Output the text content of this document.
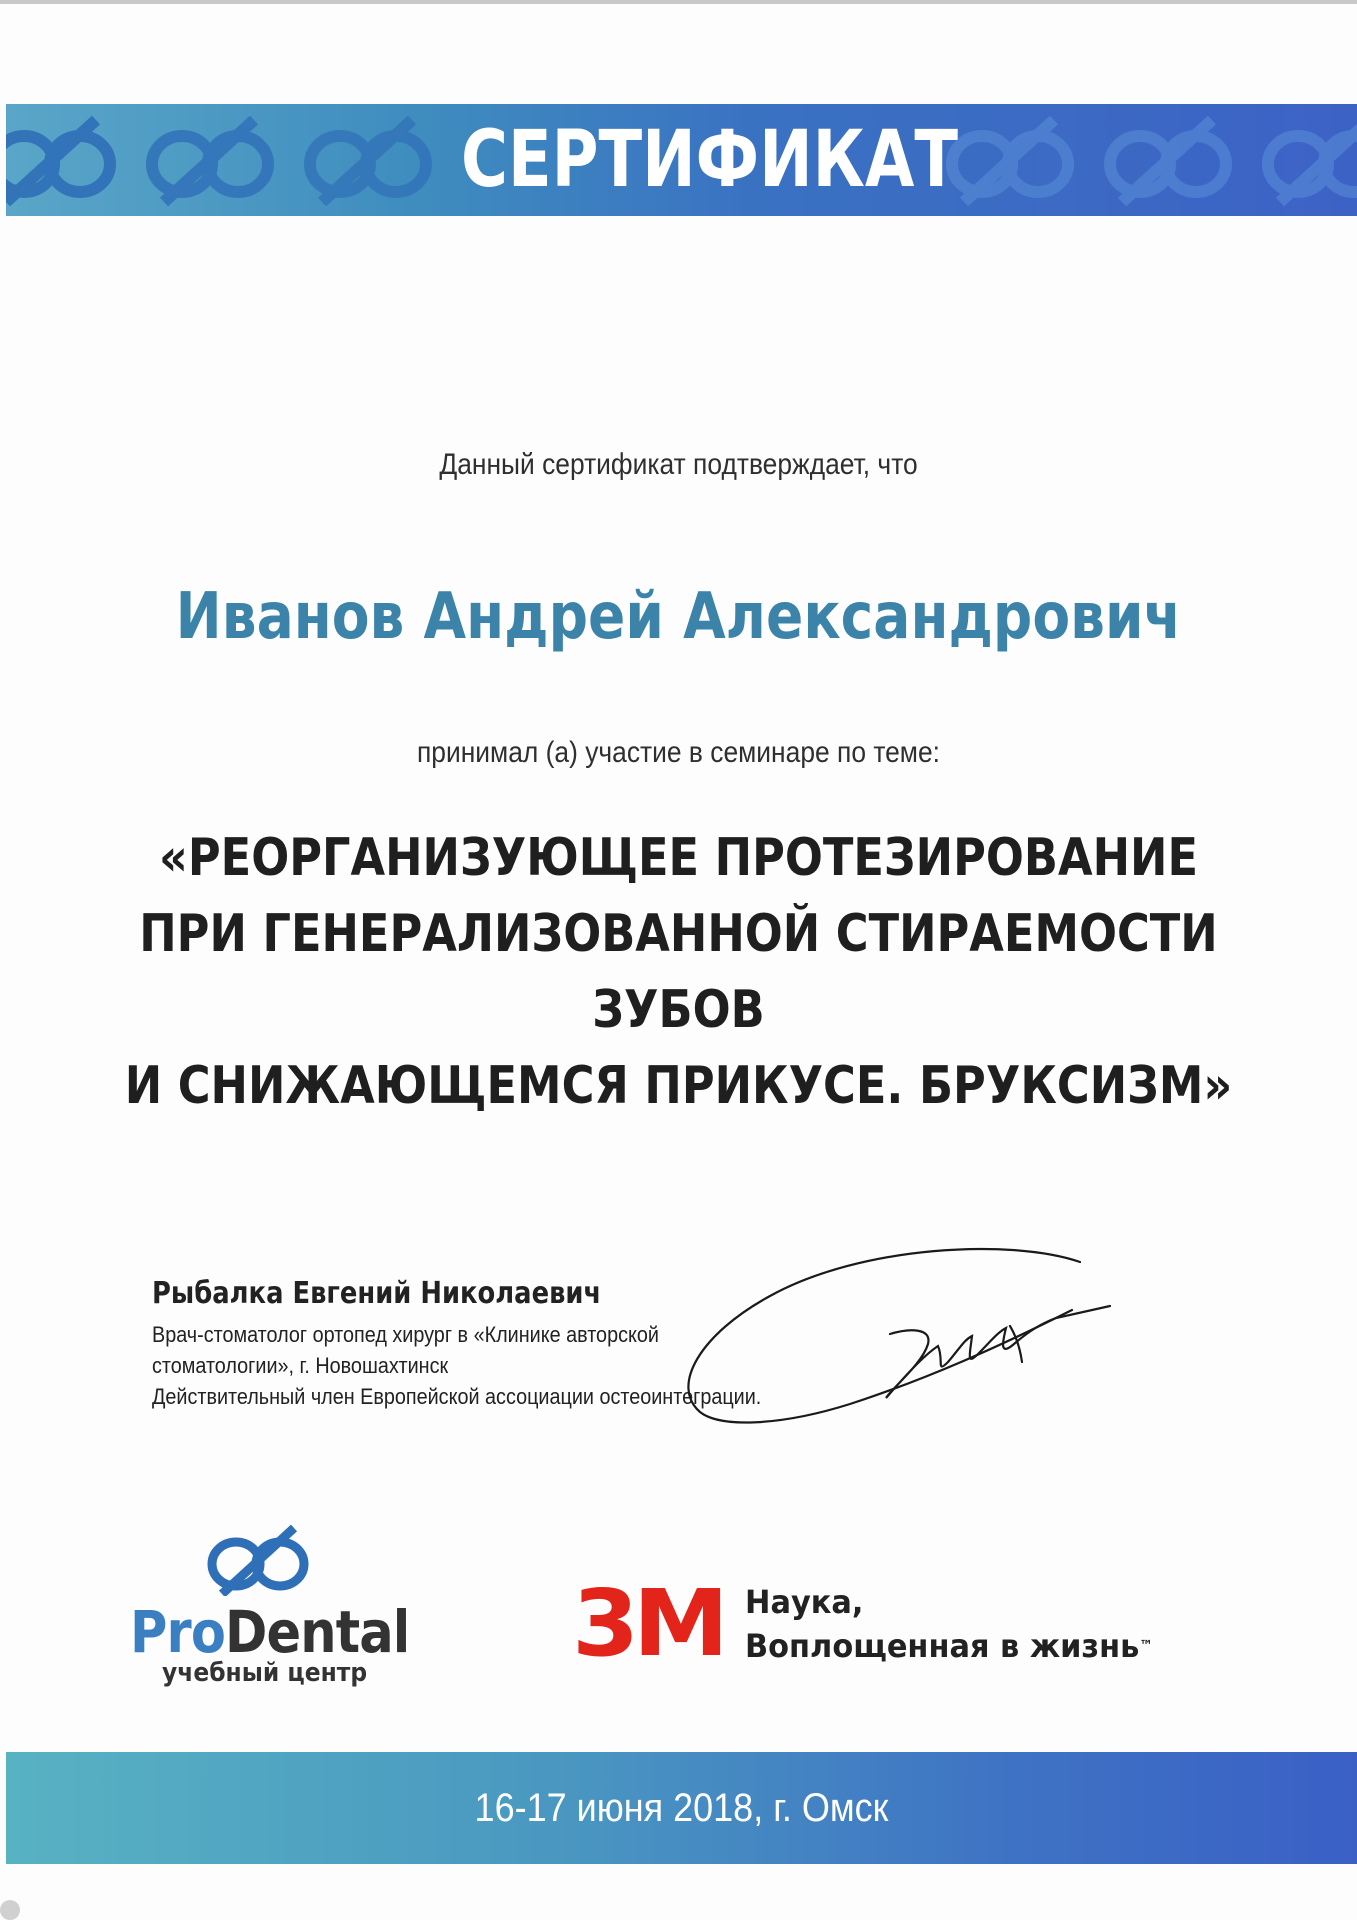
СЕРТИФИКАТ

Данный сертификат подтверждает, что

Иванов Андрей Александрович

принимал (а) участие в семинаре по теме:

«РЕОРГАНИЗУЮЩЕЕ ПРОТЕЗИРОВАНИЕ
ПРИ ГЕНЕРАЛИЗОВАННОЙ СТИРАЕМОСТИ ЗУБОВ
И СНИЖАЮЩЕМСЯ ПРИКУСЕ. БРУКСИЗМ»

Рыбалка Евгений Николаевич

Врач-стоматолог ортопед хирург в «Клинике авторской

стоматологии», г. Новошахтинск

Действительный член Европейской ассоциации остеоинтеграции.

ProDental

учебный центр 3M Наука,

Воплощенная в жизнь™

16-17 июня 2018, г. Омск
